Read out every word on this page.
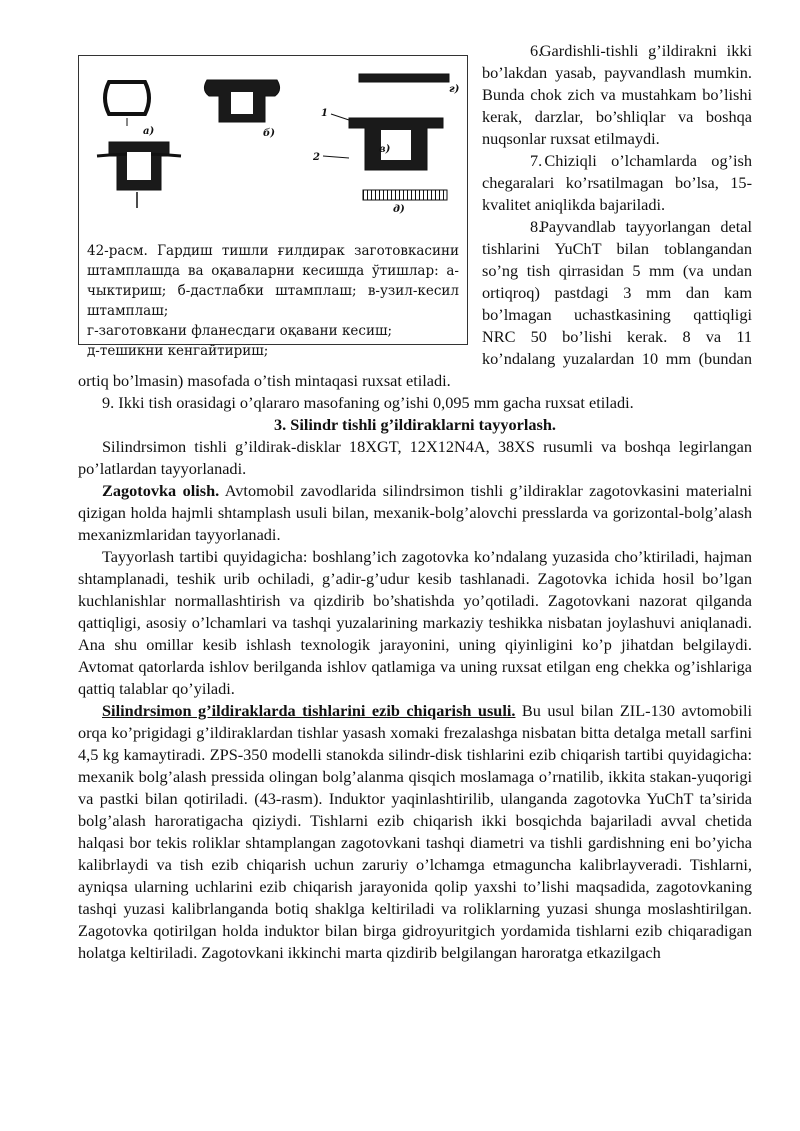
a)	б)
в)
г)
д)
1
2
42-расм. Гардиш тишли ғилдирак заготовкасини штамплашда ва оқаваларни кесишда ўтишлар: а-чыктириш; б-дастлабки штамплаш; в-узил-кесил штамплаш;
г-заготовкани фланесдаги оқавани кесиш;
д-тешикни кенгайтириш;

6. Gardishli-tishli g’ildirakni ikki bo’lakdan yasab, payvandlash mumkin. Bunda chok zich va mustahkam bo’lishi kerak, darzlar, bo’shliqlar va boshqa nuqsonlar ruxsat etilmaydi.

7. Chiziqli o’lchamlarda og’ish chegaralari ko’rsatilmagan bo’lsa, 15-kvalitet aniqlikda bajariladi.

8. Payvandlab tayyorlangan detal tishlarini YuChT bilan toblangandan so’ng tish qirrasidan 5 mm (va undan ortiqroq) pastdagi 3 mm dan kam bo’lmagan uchastkasining qattiqligi NRC 50 bo’lishi kerak. 8 va 11 ko’ndalang yuzalardan 10 mm (bundan ortiq bo’lmasin) masofada o’tish mintaqasi ruxsat etiladi.

9. Ikki tish orasidagi o’qlararo masofaning og’ishi 0,095 mm gacha ruxsat etiladi.

3. Silindr tishli g’ildiraklarni tayyorlash.

Silindrsimon tishli g’ildirak-disklar 18XGT, 12X12N4A, 38XS rusumli va boshqa legirlangan po’latlardan tayyorlanadi.

Zagotovka olish. Avtomobil zavodlarida silindrsimon tishli g’ildiraklar zagotovkasini materialni qizigan holda hajmli shtamplash usuli bilan, mexanik-bolg’alovchi presslarda va gorizontal-bolg’alash mexanizmlaridan tayyorlanadi.

Tayyorlash tartibi quyidagicha: boshlang’ich zagotovka ko’ndalang yuzasida cho’ktiriladi, hajman shtamplanadi, teshik urib ochiladi, g’adir-g’udur kesib tashlanadi. Zagotovka ichida hosil bo’lgan kuchlanishlar normallashtirish va qizdirib bo’shatishda yo’qotiladi. Zagotovkani nazorat qilganda qattiqligi, asosiy o’lchamlari va tashqi yuzalarining markaziy teshikka nisbatan joylashuvi aniqlanadi. Ana shu omillar kesib ishlash texnologik jarayonini, uning qiyinligini ko’p jihatdan belgilaydi. Avtomat qatorlarda ishlov berilganda ishlov qatlamiga va uning ruxsat etilgan eng chekka og’ishlariga qattiq talablar qo’yiladi.

Silindrsimon g’ildiraklarda tishlarini ezib chiqarish usuli. Bu usul bilan ZIL-130 avtomobili orqa ko’prigidagi g’ildiraklardan tishlar yasash xomaki frezalashga nisbatan bitta detalga metall sarfini 4,5 kg kamaytiradi. ZPS-350 modelli stanokda silindr-disk tishlarini ezib chiqarish tartibi quyidagicha: mexanik bolg’alash pressida olingan bolg’alanma qisqich moslamaga o’rnatilib, ikkita stakan-yuqorigi va pastki bilan qotiriladi. (43-rasm). Induktor yaqinlashtirilib, ulanganda zagotovka YuChT ta’sirida bolg’alash haroratigacha qiziydi. Tishlarni ezib chiqarish ikki bosqichda bajariladi avval chetida halqasi bor tekis roliklar shtamplangan zagotovkani tashqi diametri va tishli gardishning eni bo’yicha kalibrlaydi va tish ezib chiqarish uchun zaruriy o’lchamga etmaguncha kalibrlayveradi. Tishlarni, ayniqsa ularning uchlarini ezib chiqarish jarayonida qolip yaxshi to’lishi maqsadida, zagotovkaning tashqi yuzasi kalibrlanganda botiq shaklga keltiriladi va roliklarning yuzasi shunga moslashtirilgan. Zagotovka qotirilgan holda induktor bilan birga gidroyuritgich yordamida tishlarni ezib chiqaradigan holatga keltiriladi. Zagotovkani ikkinchi marta qizdirib belgilangan haroratga etkazilgach
